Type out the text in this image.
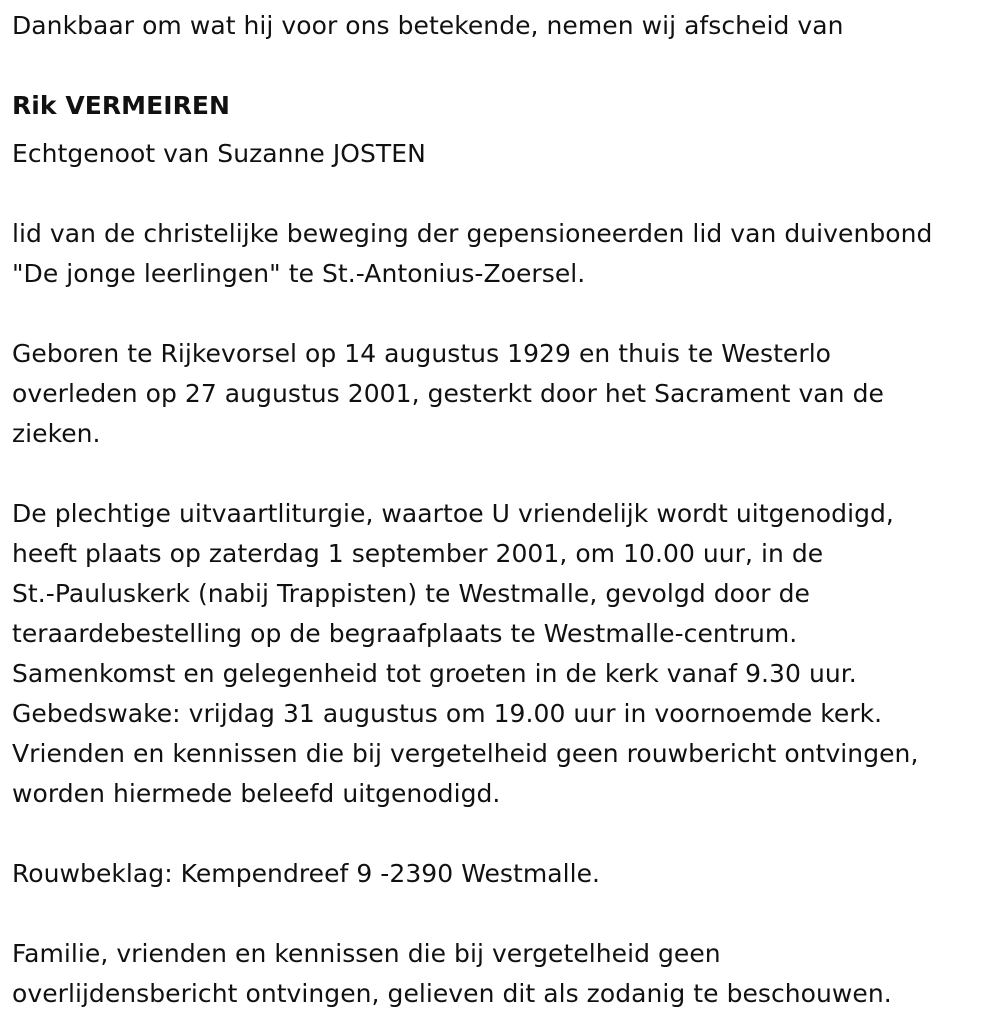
Dankbaar om wat hij voor ons betekende, nemen wij afscheid van

Rik VERMEIREN

Echtgenoot van Suzanne JOSTEN

lid van de christelijke beweging der gepensioneerden lid van duivenbond

"De jonge leerlingen" te St.-Antonius-Zoersel.

Geboren te Rijkevorsel op 14 augustus 1929 en thuis te Westerlo

overleden op 27 augustus 2001, gesterkt door het Sacrament van de

zieken.

De plechtige uitvaartliturgie, waartoe U vriendelijk wordt uitgenodigd,

heeft plaats op zaterdag 1 september 2001, om 10.00 uur, in de

St.-Pauluskerk (nabij Trappisten) te Westmalle, gevolgd door de

teraardebestelling op de begraafplaats te Westmalle-centrum.

Samenkomst en gelegenheid tot groeten in de kerk vanaf 9.30 uur.

Gebedswake: vrijdag 31 augustus om 19.00 uur in voornoemde kerk.

Vrienden en kennissen die bij vergetelheid geen rouwbericht ontvingen,

worden hiermede beleefd uitgenodigd.

Rouwbeklag: Kempendreef 9 -2390 Westmalle.

Familie, vrienden en kennissen die bij vergetelheid geen

overlijdensbericht ontvingen, gelieven dit als zodanig te beschouwen.
